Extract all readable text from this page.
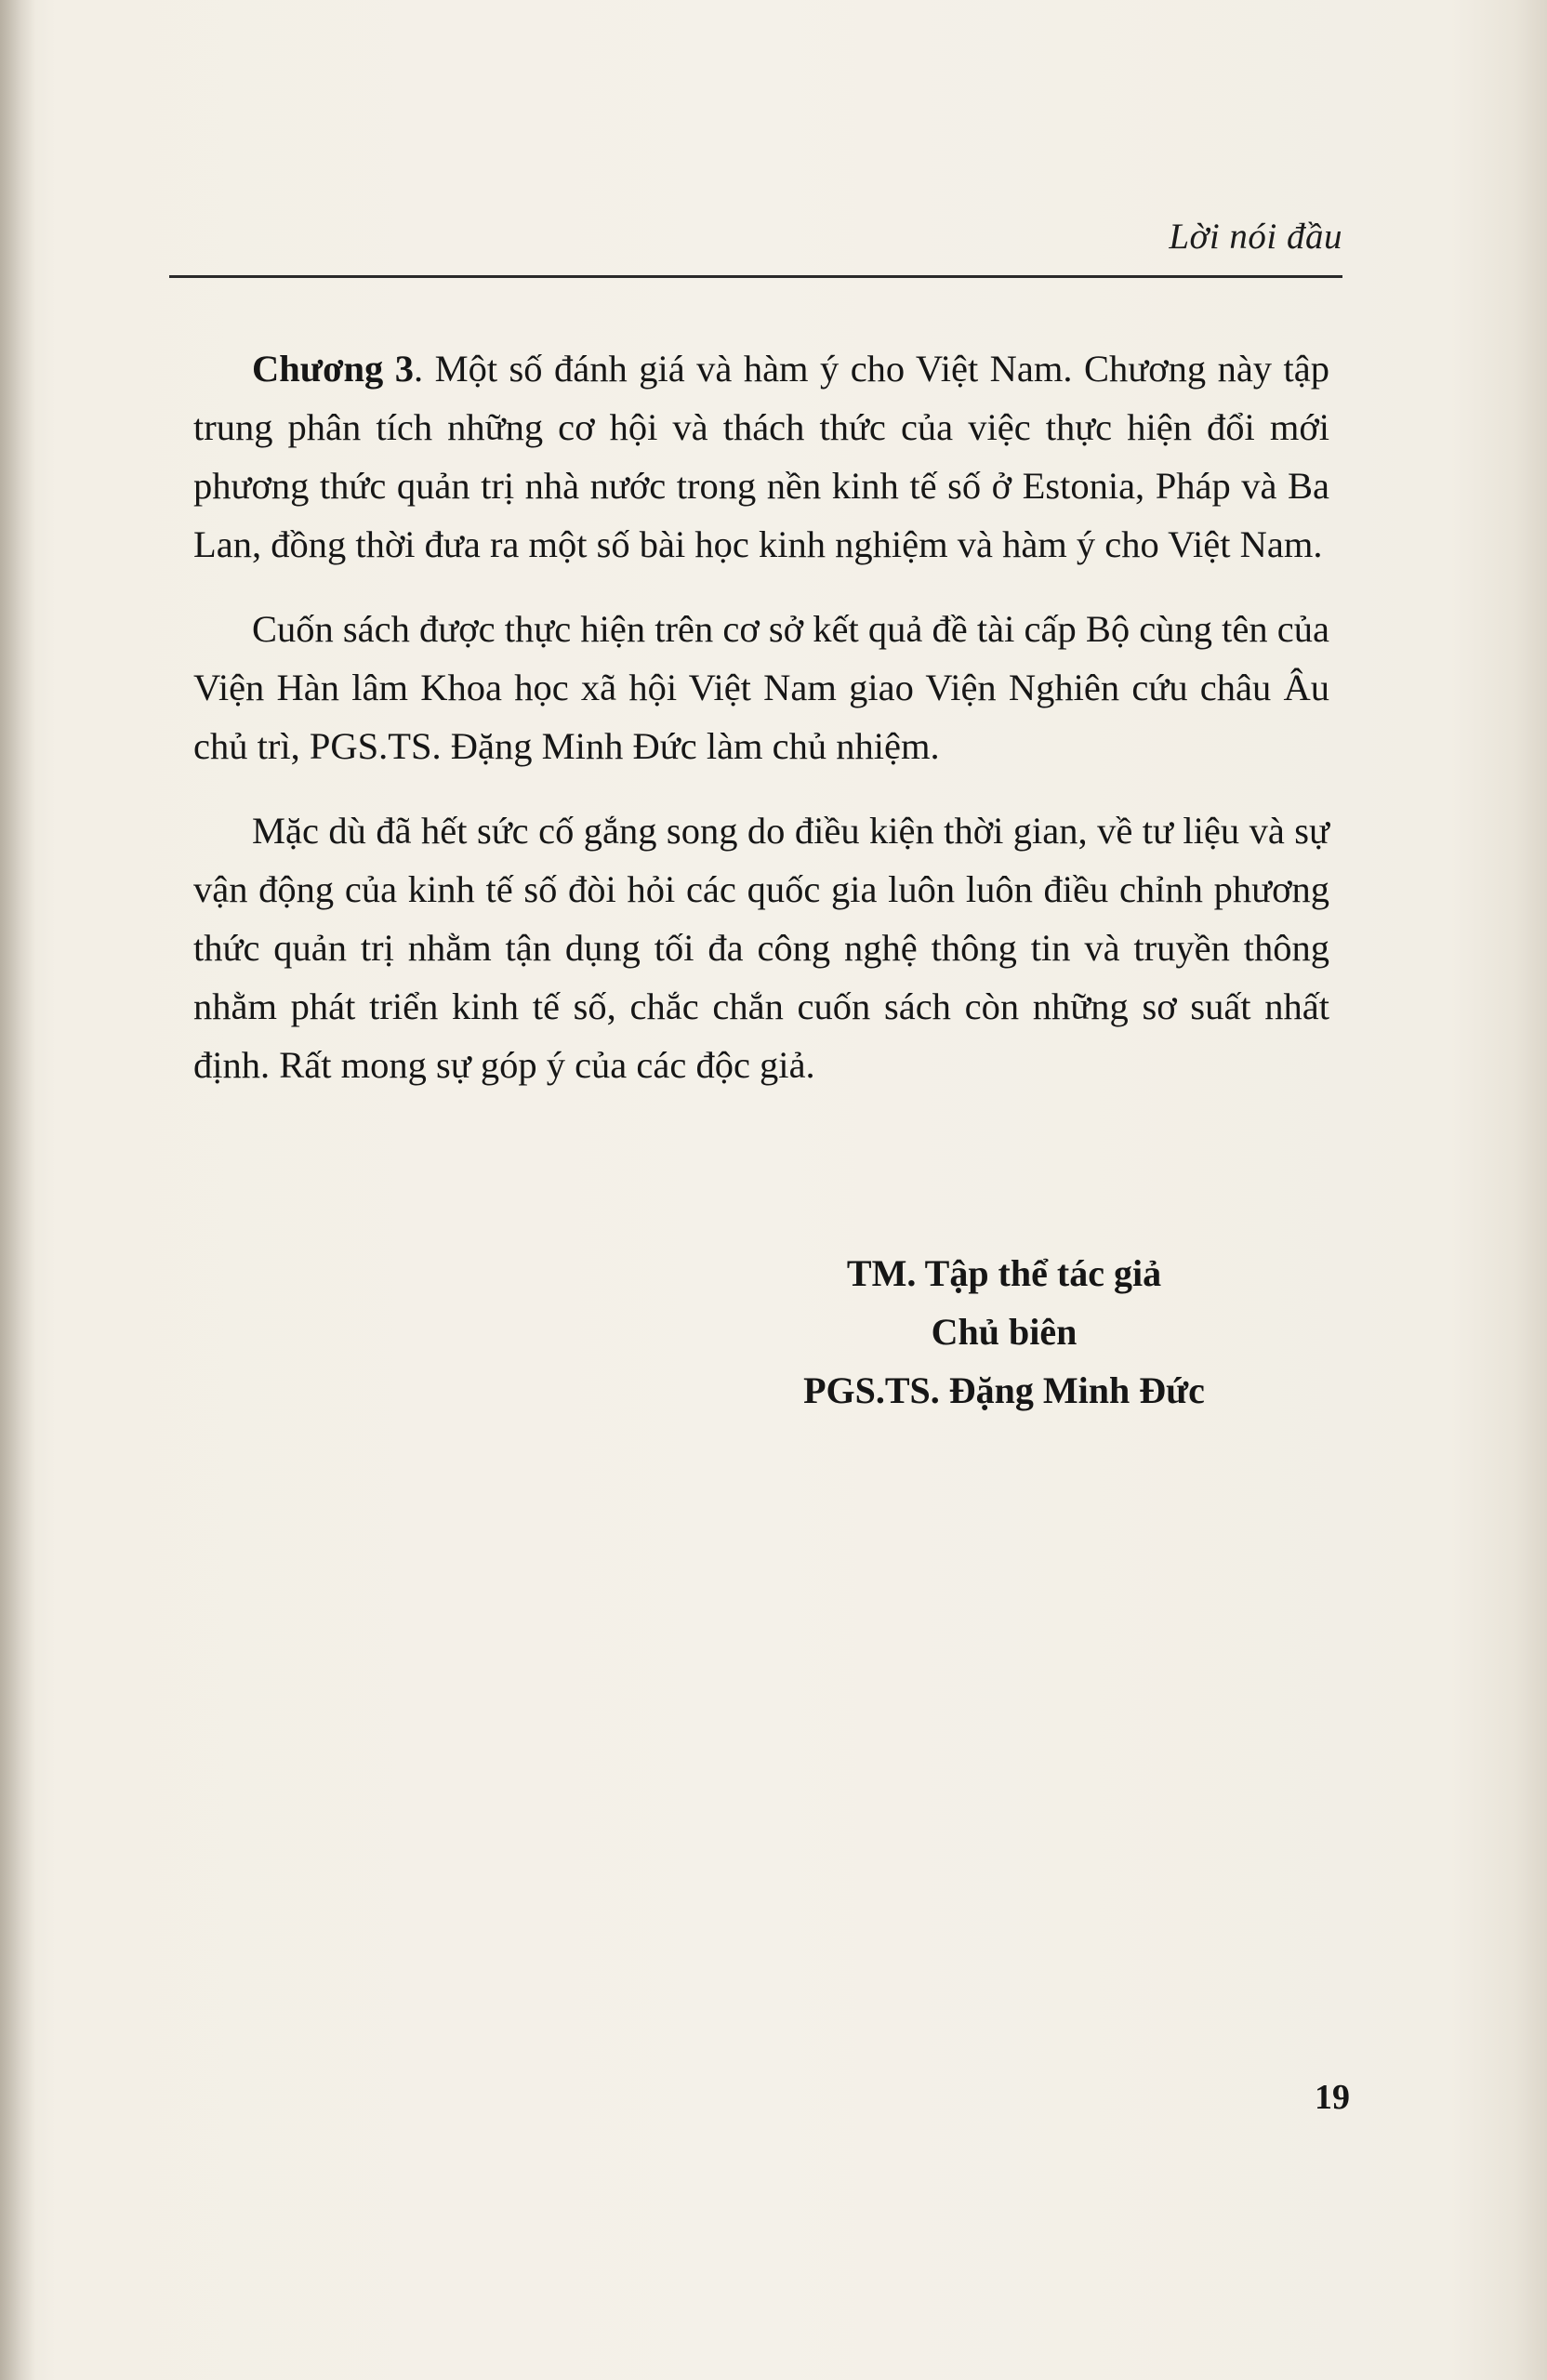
Lời nói đầu

Chương 3. Một số đánh giá và hàm ý cho Việt Nam. Chương này tập trung phân tích những cơ hội và thách thức của việc thực hiện đổi mới phương thức quản trị nhà nước trong nền kinh tế số ở Estonia, Pháp và Ba Lan, đồng thời đưa ra một số bài học kinh nghiệm và hàm ý cho Việt Nam.

Cuốn sách được thực hiện trên cơ sở kết quả đề tài cấp Bộ cùng tên của Viện Hàn lâm Khoa học xã hội Việt Nam giao Viện Nghiên cứu châu Âu chủ trì, PGS.TS. Đặng Minh Đức làm chủ nhiệm.

Mặc dù đã hết sức cố gắng song do điều kiện thời gian, về tư liệu và sự vận động của kinh tế số đòi hỏi các quốc gia luôn luôn điều chỉnh phương thức quản trị nhằm tận dụng tối đa công nghệ thông tin và truyền thông nhằm phát triển kinh tế số, chắc chắn cuốn sách còn những sơ suất nhất định. Rất mong sự góp ý của các độc giả.

TM. Tập thể tác giả
Chủ biên
PGS.TS. Đặng Minh Đức
19
